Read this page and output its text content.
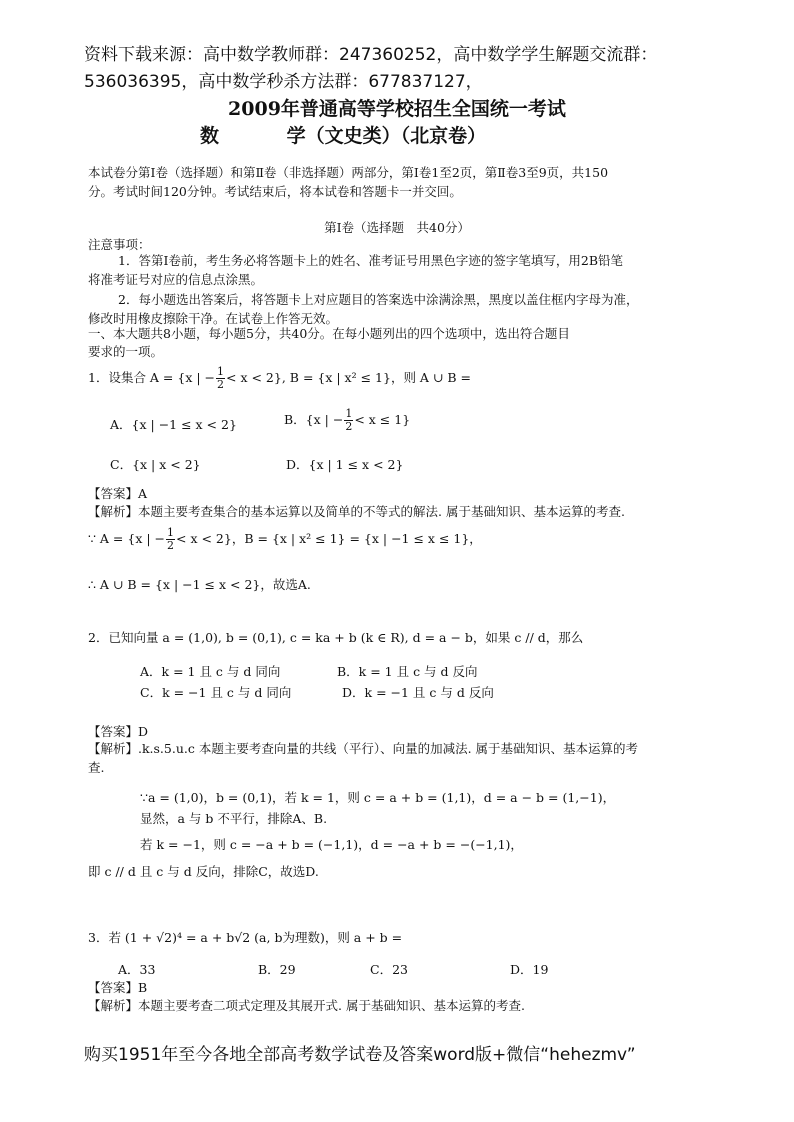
资料下载来源：高中数学教师群：247360252，高中数学学生解题交流群：
536036395，高中数学秒杀方法群：677837127，
2009年普通高等学校招生全国统一考试
数	学（文史类）（北京卷）
本试卷分第Ⅰ卷（选择题）和第Ⅱ卷（非选择题）两部分，第Ⅰ卷1至2页，第Ⅱ卷3至9页，共150
分。考试时间120分钟。考试结束后，将本试卷和答题卡一并交回。
第Ⅰ卷（选择题　共40分）
注意事项：
1．答第Ⅰ卷前，考生务必将答题卡上的姓名、准考证号用黑色字迹的签字笔填写，用2B铅笔
将准考证号对应的信息点涂黑。
2．每小题选出答案后，将答题卡上对应题目的答案选中涂满涂黑，黑度以盖住框内字母为准，
修改时用橡皮擦除干净。在试卷上作答无效。
一、本大题共8小题，每小题5分，共40分。在每小题列出的四个选项中，选出符合题目
要求的一项。
1．设集合 A = {x | − $\frac{1}{2} < x < 2$}, B = {x | x² ≤ 1}，则 A ∪ B =
A．{x | −1 ≤ x < 2}	B．{x | − $\frac{1}{2} < x \le 1$}
C．{x | x < 2}	D．{x | 1 ≤ x < 2}
【答案】A
【解析】本题主要考查集合的基本运算以及简单的不等式的解法. 属于基础知识、基本运算的考查.
∵ A = {x | − $\frac{1}{2} < x < 2$}，B = {x | x² ≤ 1} = {x | −1 ≤ x ≤ 1}，
∴ A ∪ B = {x | −1 ≤ x < 2}，故选A.
2．已知向量 a = (1,0), b = (0,1), c = ka + b (k ∈ R), d = a − b，如果 c // d，那么
A．k = 1 且 c 与 d 同向	B．k = 1 且 c 与 d 反向
C．k = −1 且 c 与 d 同向	D．k = −1 且 c 与 d 反向
【答案】D
【解析】.k.s.5.u.c 本题主要考查向量的共线（平行）、向量的加减法. 属于基础知识、基本运算的考
查.
∵a = (1,0)，b = (0,1)，若 k = 1，则 c = a + b = (1,1)，d = a − b = (1,−1)，
显然，a 与 b 不平行，排除A、B.
若 k = −1，则 c = −a + b = (−1,1)，d = −a + b = −(−1,1)，
即 c // d 且 c 与 d 反向，排除C，故选D.
3．若 (1 + √2)⁴ = a + b√2 (a, b为理数)，则 a + b =
A．33	B．29	C．23	D．19
【答案】B
【解析】本题主要考查二项式定理及其展开式. 属于基础知识、基本运算的考查.
购买1951年至今各地全部高考数学试卷及答案word版+微信“hehezmv”
